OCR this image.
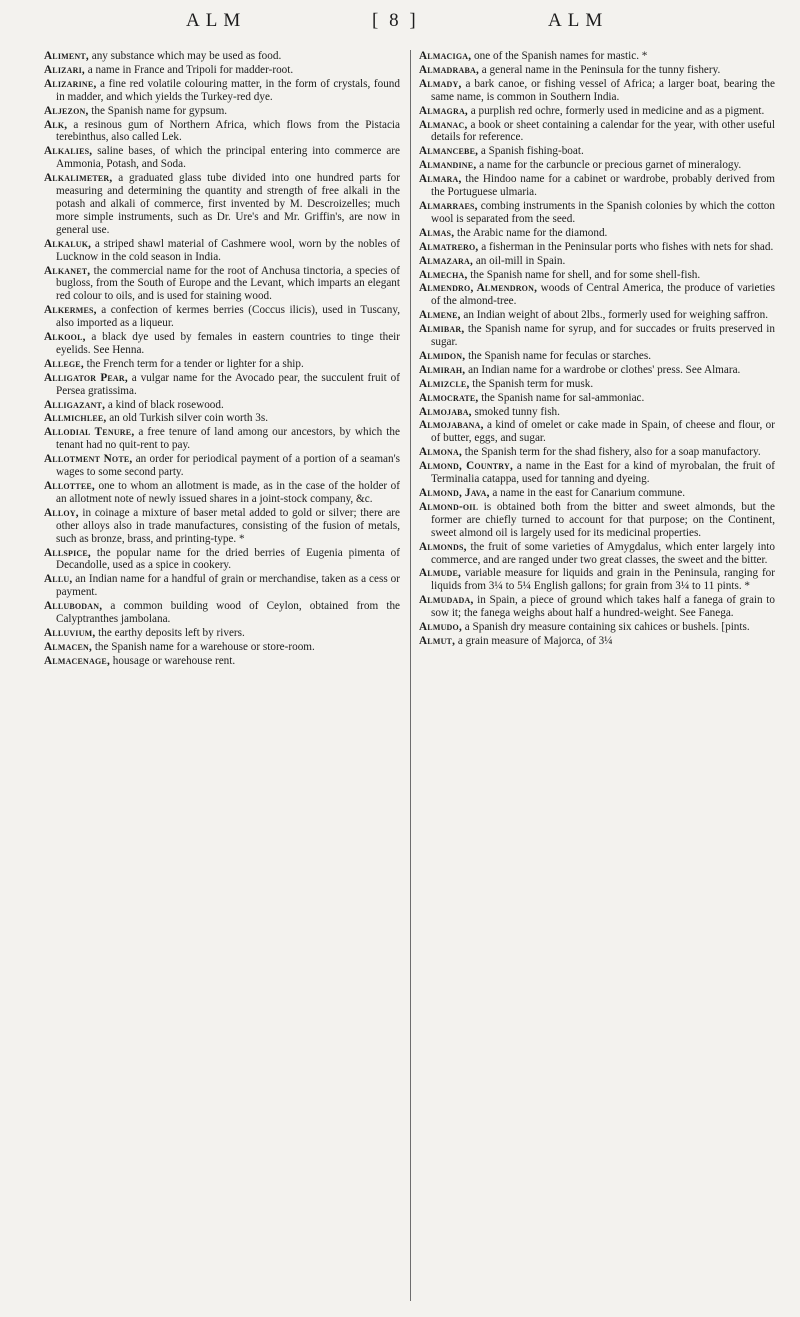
ALM	[ 8 ]	ALM

Aliment, any substance which may be used as food.

Alizari, a name in France and Tripoli for madder-root.

Alizarine, a fine red volatile colouring matter, in the form of crystals, found in madder, and which yields the Turkey-red dye.

Aljezon, the Spanish name for gypsum.

Alk, a resinous gum of Northern Africa, which flows from the Pistacia terebinthus, also called Lek.

Alkalies, saline bases, of which the principal entering into commerce are Ammonia, Potash, and Soda.

Alkalimeter, a graduated glass tube divided into one hundred parts for measuring and determining the quantity and strength of free alkali in the potash and alkali of commerce, first invented by M. Descroizelles; much more simple instruments, such as Dr. Ure's and Mr. Griffin's, are now in general use.

Alkaluk, a striped shawl material of Cashmere wool, worn by the nobles of Lucknow in the cold season in India.

Alkanet, the commercial name for the root of Anchusa tinctoria, a species of bugloss, from the South of Europe and the Levant, which imparts an elegant red colour to oils, and is used for staining wood.

Alkermes, a confection of kermes berries (Coccus ilicis), used in Tuscany, also imported as a liqueur.

Alkool, a black dye used by females in eastern countries to tinge their eyelids. See Henna.

Allege, the French term for a tender or lighter for a ship.

Alligator Pear, a vulgar name for the Avocado pear, the succulent fruit of Persea gratissima.

Alligazant, a kind of black rosewood.

Allmichlee, an old Turkish silver coin worth 3s.

Allodial Tenure, a free tenure of land among our ancestors, by which the tenant had no quit-rent to pay.

Allotment Note, an order for periodical payment of a portion of a seaman's wages to some second party.

Allottee, one to whom an allotment is made, as in the case of the holder of an allotment note of newly issued shares in a joint-stock company, &c.

Alloy, in coinage a mixture of baser metal added to gold or silver; there are other alloys also in trade manufactures, consisting of the fusion of metals, such as bronze, brass, and printing-type. *

Allspice, the popular name for the dried berries of Eugenia pimenta of Decandolle, used as a spice in cookery.

Allu, an Indian name for a handful of grain or merchandise, taken as a cess or payment.

Allubodan, a common building wood of Ceylon, obtained from the Calyptranthes jambolana.

Alluvium, the earthy deposits left by rivers.

Almacen, the Spanish name for a warehouse or store-room.

Almacenage, housage or warehouse rent.

Almaciga, one of the Spanish names for mastic. *

Almadraba, a general name in the Peninsula for the tunny fishery.

Almady, a bark canoe, or fishing vessel of Africa; a larger boat, bearing the same name, is common in Southern India.

Almagra, a purplish red ochre, formerly used in medicine and as a pigment.

Almanac, a book or sheet containing a calendar for the year, with other useful details for reference.

Almancebe, a Spanish fishing-boat.

Almandine, a name for the carbuncle or precious garnet of mineralogy.

Almara, the Hindoo name for a cabinet or wardrobe, probably derived from the Portuguese ulmaria.

Almarraes, combing instruments in the Spanish colonies by which the cotton wool is separated from the seed.

Almas, the Arabic name for the diamond.

Almatrero, a fisherman in the Peninsular ports who fishes with nets for shad.

Almazara, an oil-mill in Spain.

Almecha, the Spanish name for shell, and for some shell-fish.

Almendro, Almendron, woods of Central America, the produce of varieties of the almond-tree.

Almene, an Indian weight of about 2lbs., formerly used for weighing saffron.

Almibar, the Spanish name for syrup, and for succades or fruits preserved in sugar.

Almidon, the Spanish name for feculas or starches.

Almirah, an Indian name for a wardrobe or clothes' press. See Almara.

Almizcle, the Spanish term for musk.

Almocrate, the Spanish name for sal-ammoniac.

Almojaba, smoked tunny fish.

Almojabana, a kind of omelet or cake made in Spain, of cheese and flour, or of butter, eggs, and sugar.

Almona, the Spanish term for the shad fishery, also for a soap manufactory.

Almond, Country, a name in the East for a kind of myrobalan, the fruit of Terminalia catappa, used for tanning and dyeing.

Almond, Java, a name in the east for Canarium commune.

Almond-oil is obtained both from the bitter and sweet almonds, but the former are chiefly turned to account for that purpose; on the Continent, sweet almond oil is largely used for its medicinal properties.

Almonds, the fruit of some varieties of Amygdalus, which enter largely into commerce, and are ranged under two great classes, the sweet and the bitter.

Almude, variable measure for liquids and grain in the Peninsula, ranging for liquids from 3¼ to 5¼ English gallons; for grain from 3¼ to 11 pints. *

Almudada, in Spain, a piece of ground which takes half a fanega of grain to sow it; the fanega weighs about half a hundred-weight. See Fanega.

Almudo, a Spanish dry measure containing six cahices or bushels. [pints.

Almut, a grain measure of Majorca, of 3¼
